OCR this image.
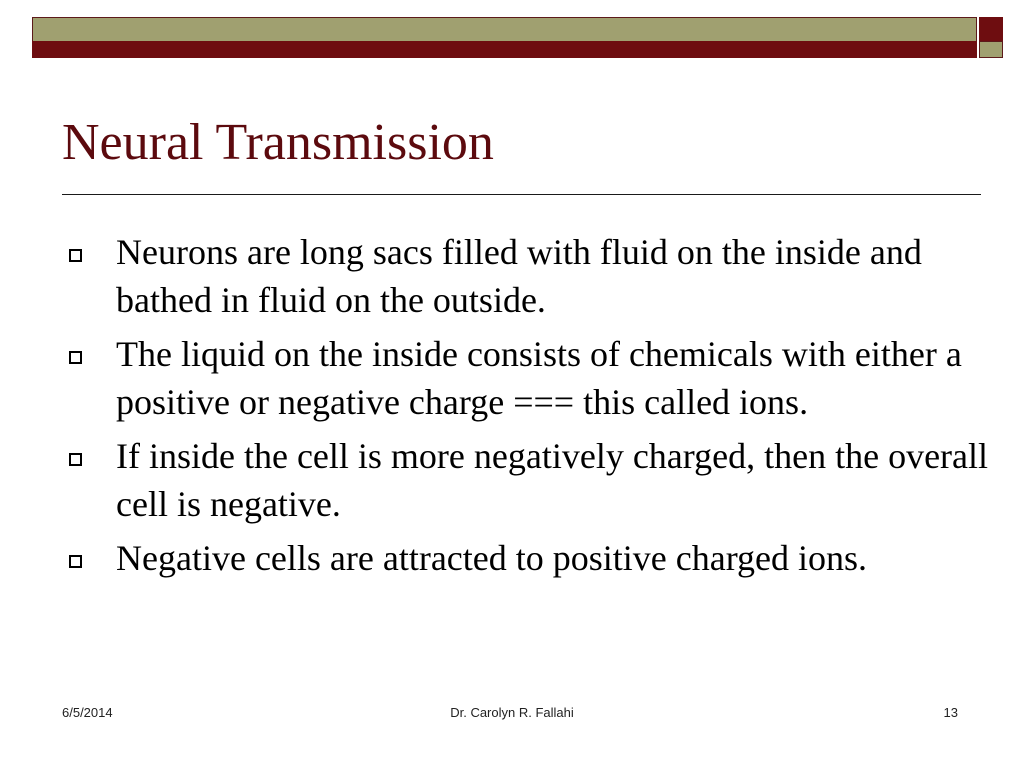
Neural Transmission
Neurons are long sacs filled with fluid on the inside and bathed in fluid on the outside.
The liquid on the inside consists of chemicals with either a positive or negative charge === this called ions.
If inside the cell is more negatively charged, then the overall cell is negative.
Negative cells are attracted to positive charged ions.
6/5/2014	Dr. Carolyn R. Fallahi	13
